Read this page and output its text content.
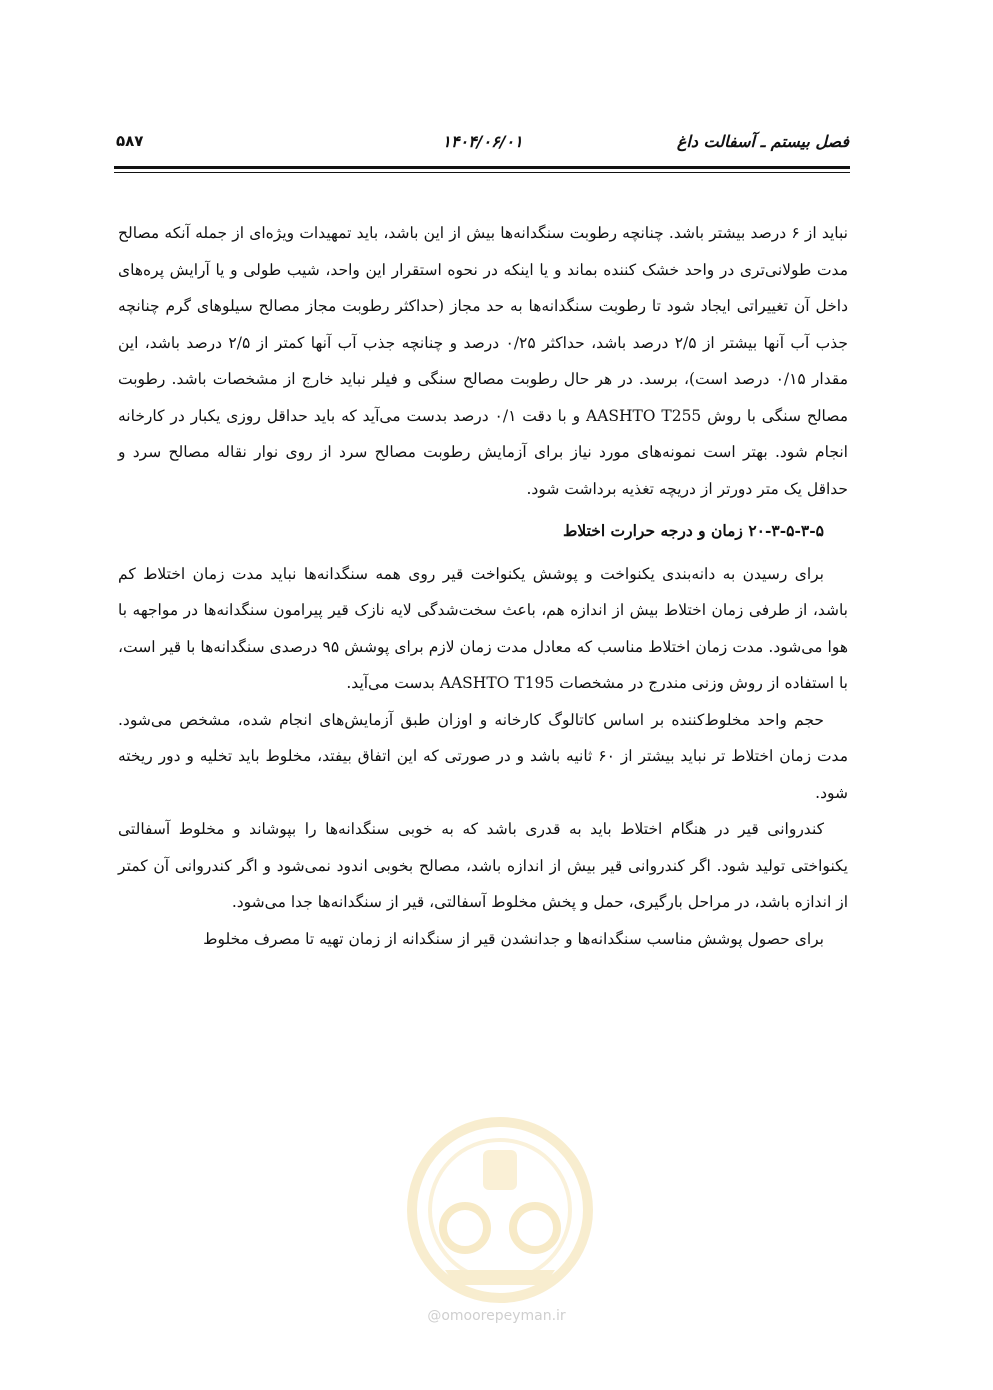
فصل بیستم ـ آسفالت داغ
۱۴۰۴/۰۶/۰۱
۵۸۷

نباید از ۶ درصد بیشتر باشد. چنانچه رطوبت سنگدانه‌ها بیش از این باشد، باید تمهیدات ویژه‌ای از جمله آنکه مصالح مدت طولانی‌تری در واحد خشک کننده بماند و یا اینکه در نحوه استقرار این واحد، شیب طولی و یا آرایش پره‌های داخل آن تغییراتی ایجاد شود تا رطوبت سنگدانه‌ها به حد مجاز (حداکثر رطوبت مجاز مصالح سیلوهای گرم چنانچه جذب آب آنها بیشتر از ۲/۵ درصد باشد، حداکثر ۰/۲۵ درصد و چنانچه جذب آب آنها کمتر از ۲/۵ درصد باشد، این مقدار ۰/۱۵ درصد است)، برسد. در هر حال رطوبت مصالح سنگی و فیلر نباید خارج از مشخصات باشد. رطوبت مصالح سنگی با روش AASHTO T255 و با دقت ۰/۱ درصد بدست می‌آید که باید حداقل روزی یکبار در کارخانه انجام شود. بهتر است نمونه‌های مورد نیاز برای آزمایش رطوبت مصالح سرد از روی نوار نقاله مصالح سرد و حداقل یک متر دورتر از دریچه تغذیه برداشت شود.

۲۰-۳-۵-۳-۵ زمان و درجه حرارت اختلاط

برای رسیدن به دانه‌بندی یکنواخت و پوشش یکنواخت قیر روی همه سنگدانه‌ها نباید مدت زمان اختلاط کم باشد، از طرفی زمان اختلاط بیش از اندازه هم، باعث سخت‌شدگی لایه نازک قیر پیرامون سنگدانه‌ها در مواجهه با هوا می‌شود. مدت زمان اختلاط مناسب که معادل مدت زمان لازم برای پوشش ۹۵ درصدی سنگدانه‌ها با قیر است، با استفاده از روش وزنی مندرج در مشخصات AASHTO T195 بدست می‌آید.

حجم واحد مخلوط‌کننده بر اساس کاتالوگ کارخانه و اوزان طبق آزمایش‌های انجام شده، مشخص می‌شود. مدت زمان اختلاط تر نباید بیشتر از ۶۰ ثانیه باشد و در صورتی که این اتفاق بیفتد، مخلوط باید تخلیه و دور ریخته شود.

کندروانی قیر در هنگام اختلاط باید به قدری باشد که به خوبی سنگدانه‌ها را بپوشاند و مخلوط آسفالتی یکنواختی تولید شود. اگر کندروانی قیر بیش از اندازه باشد، مصالح بخوبی اندود نمی‌شود و اگر کندروانی آن کمتر از اندازه باشد، در مراحل بارگیری، حمل و پخش مخلوط آسفالتی، قیر از سنگدانه‌ها جدا می‌شود.

برای حصول پوشش مناسب سنگدانه‌ها و جدانشدن قیر از سنگدانه از زمان تهیه تا مصرف مخلوط

@omoorepeyman.ir
